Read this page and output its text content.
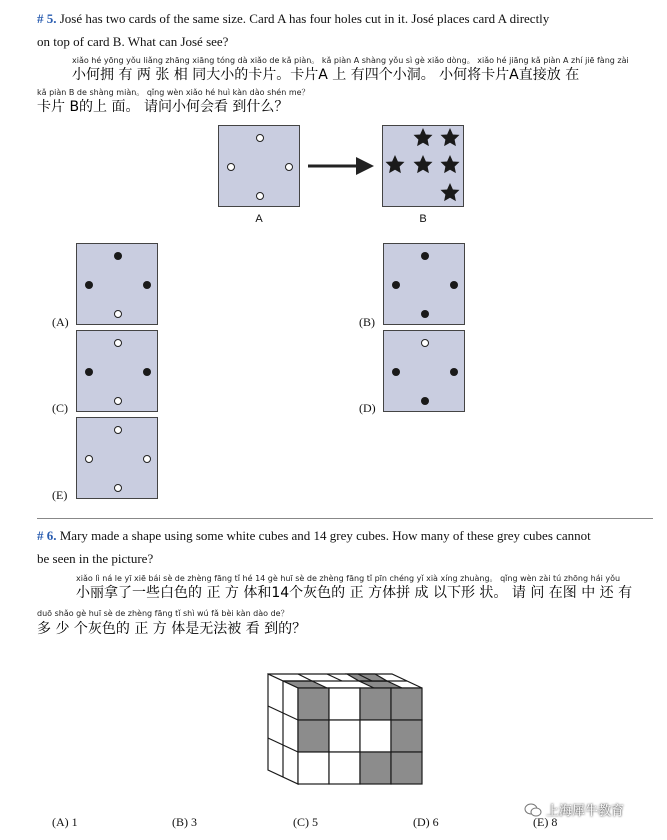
# 5. José has two cards of the same size. Card A has four holes cut in it. José places card A directly
on top of card B. What can José see?
xiǎo hé yōng yǒu liǎng zhāng xiāng tóng dà xiǎo de kǎ piàn。 kǎ piàn A shàng yǒu sì gè xiǎo dòng。 xiǎo hé jiāng kǎ piàn A zhí jiē fàng zài
小何拥 有 两 张 相 同大小的卡片。卡片A 上 有四个小洞。 小何将卡片A直接放 在
kǎ piàn B de shàng miàn。 qǐng wèn xiǎo hé huì kàn dào shén me？
卡片 B的上 面。 请问小何会看 到什么？
A	B
(A)	(B)
(C)	(D)
(E)
# 6. Mary made a shape using some white cubes and 14 grey cubes. How many of these grey cubes cannot
be seen in the picture?
xiǎo lì ná le yī xiē bái sè de zhèng fāng tǐ hé 14 gè huī sè de zhèng fāng tǐ pīn chéng yǐ xià xíng zhuàng。 qǐng wèn zài tú zhōng hái yǒu
小丽拿了一些白色的 正 方 体和14个灰色的 正 方体拼 成 以下形 状。 请 问 在图 中 还 有
duō shǎo gè huī sè de zhèng fāng tǐ shì wú fǎ bèi kàn dào de？
多 少 个灰色的 正 方 体是无法被 看 到的？
(A) 1	(B) 3	(C) 5	(D) 6	(E) 8
上海犀牛教育
